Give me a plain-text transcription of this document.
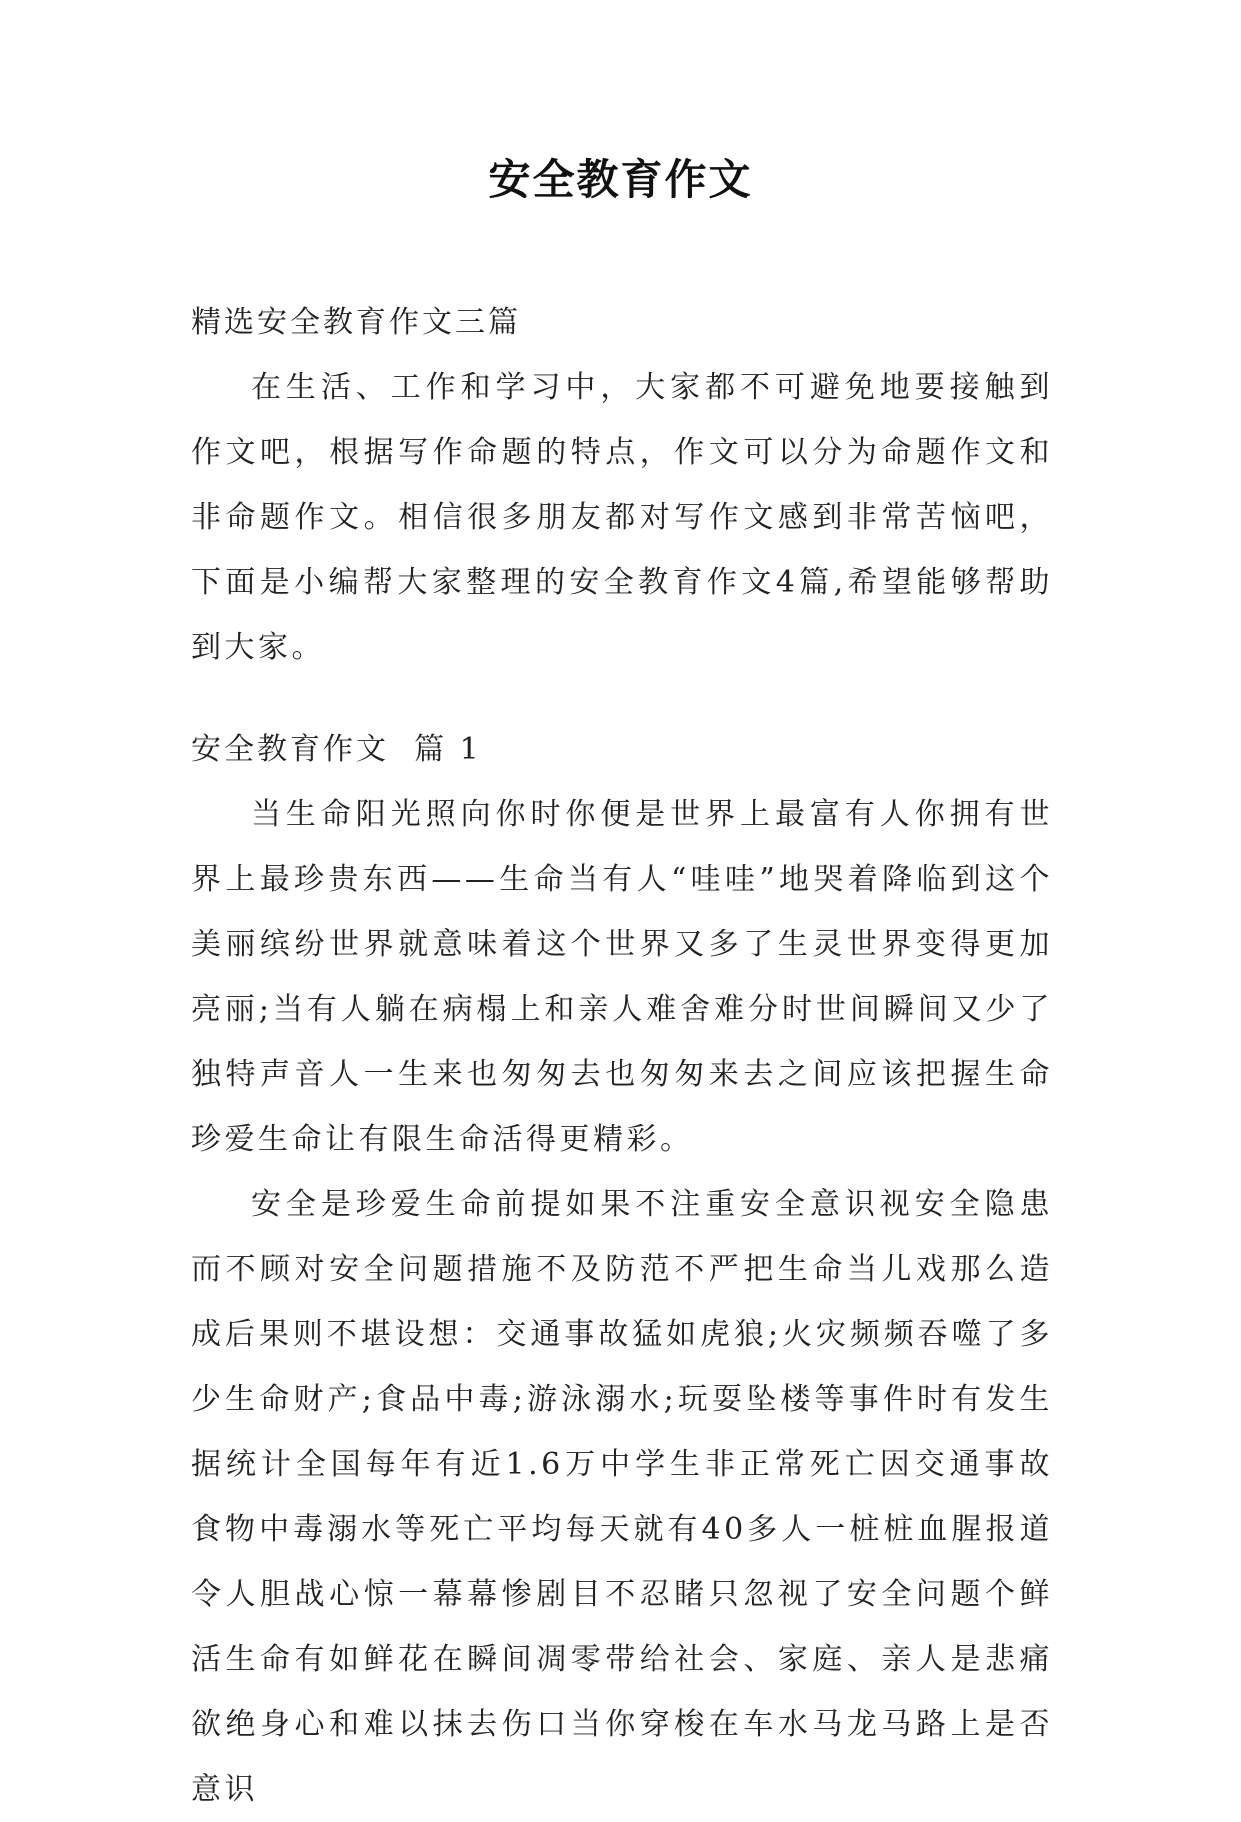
安全教育作文

精选安全教育作文三篇

在生活、工作和学习中，大家都不可避免地要接触到作文吧，根据写作命题的特点，作文可以分为命题作文和非命题作文。相信很多朋友都对写作文感到非常苦恼吧，下面是小编帮大家整理的安全教育作文4篇,希望能够帮助到大家。

安全教育作文  篇 1

当生命阳光照向你时你便是世界上最富有人你拥有世界上最珍贵东西——生命当有人“哇哇”地哭着降临到这个美丽缤纷世界就意味着这个世界又多了生灵世界变得更加亮丽;当有人躺在病榻上和亲人难舍难分时世间瞬间又少了独特声音人一生来也匆匆去也匆匆来去之间应该把握生命珍爱生命让有限生命活得更精彩。

安全是珍爱生命前提如果不注重安全意识视安全隐患而不顾对安全问题措施不及防范不严把生命当儿戏那么造成后果则不堪设想：交通事故猛如虎狼;火灾频频吞噬了多少生命财产;食品中毒;游泳溺水;玩耍坠楼等事件时有发生据统计全国每年有近1.6万中学生非正常死亡因交通事故食物中毒溺水等死亡平均每天就有40多人一桩桩血腥报道令人胆战心惊一幕幕惨剧目不忍睹只忽视了安全问题个鲜活生命有如鲜花在瞬间凋零带给社会、家庭、亲人是悲痛欲绝身心和难以抹去伤口当你穿梭在车水马龙马路上是否意识
